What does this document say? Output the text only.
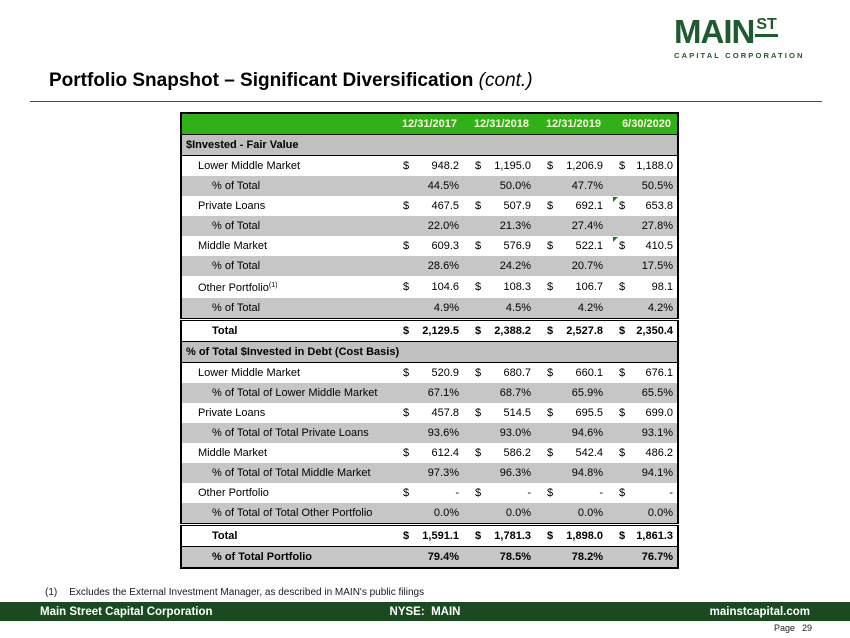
MAIN ST
CAPITAL CORPORATION
Portfolio Snapshot – Significant Diversification (cont.)
	12/31/2017	12/31/2018	12/31/2019	6/30/2020
$Invested - Fair Value				
Lower Middle Market	$ 948.2	$ 1,195.0	$ 1,206.9	$ 1,188.0
% of Total	44.5%	50.0%	47.7%	50.5%
Private Loans	$ 467.5	$ 507.9	$ 692.1	$ 653.8

% of Total	22.0%	21.3%	27.4%	27.8%
Middle Market	$ 609.3	$ 576.9	$ 522.1	$ 410.5

% of Total	28.6%	24.2%	20.7%	17.5%
Other Portfolio$^{(1)}$	$ 104.6	$ 108.3	$ 106.7	$ 98.1
% of Total	4.9%	4.5%	4.2%	4.2%
Total	$ 2,129.5	$ 2,388.2	$ 2,527.8	$ 2,350.4
% of Total $Invested in Debt (Cost Basis)				
Lower Middle Market	$ 520.9	$ 680.7	$ 660.1	$ 676.1
% of Total of Lower Middle Market	67.1%	68.7%	65.9%	65.5%
Private Loans	$ 457.8	$ 514.5	$ 695.5	$ 699.0
% of Total of Total Private Loans	93.6%	93.0%	94.6%	93.1%
Middle Market	$ 612.4	$ 586.2	$ 542.4	$ 486.2
% of Total of Total Middle Market	97.3%	96.3%	94.8%	94.1%
Other Portfolio	$ -	$ -	$ -	$ -
% of Total of Total Other Portfolio	0.0%	0.0%	0.0%	0.0%
Total	$ 1,591.1	$ 1,781.3	$ 1,898.0	$ 1,861.3
% of Total Portfolio	79.4%	78.5%	78.2%	76.7%
(1) Excludes the External Investment Manager, as described in MAIN's public filings
Main Street Capital Corporation	NYSE:  MAIN	mainstcapital.com
Page 29
